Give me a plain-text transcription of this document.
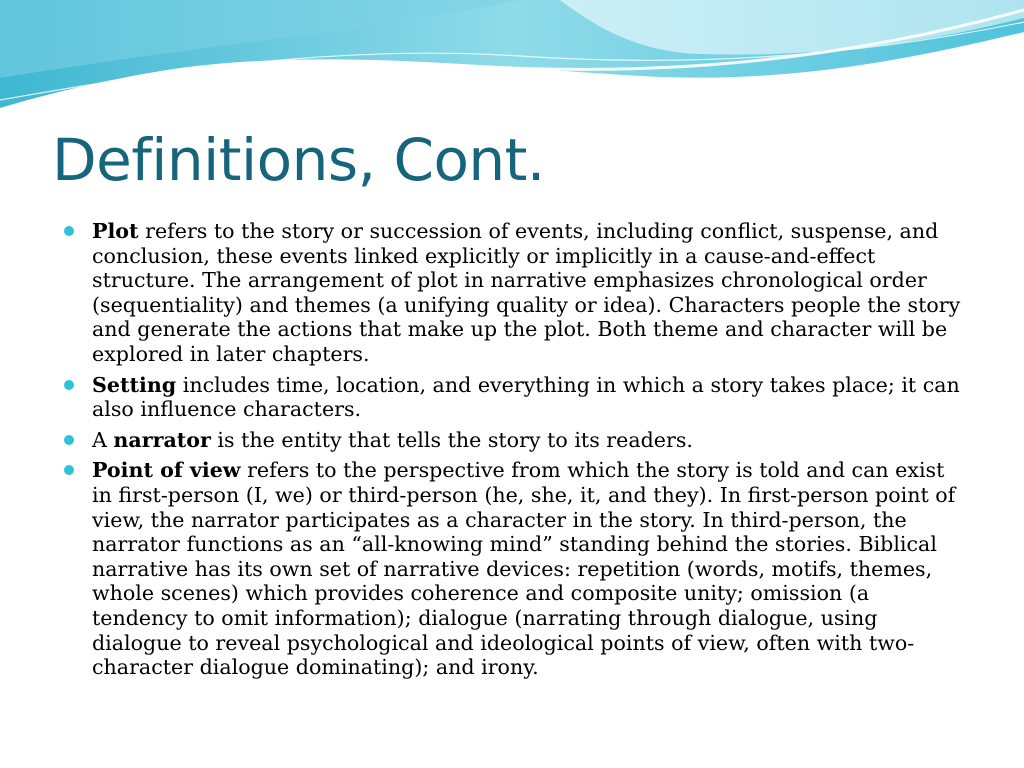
Definitions, Cont.
Plot refers to the story or succession of events, including conflict, suspense, and conclusion, these events linked explicitly or implicitly in a cause-and-effect structure. The arrangement of plot in narrative emphasizes chronological order (sequentiality) and themes (a unifying quality or idea). Characters people the story and generate the actions that make up the plot. Both theme and character will be explored in later chapters.
Setting includes time, location, and everything in which a story takes place; it can also influence characters.
A narrator is the entity that tells the story to its readers.
Point of view refers to the perspective from which the story is told and can exist in first-person (I, we) or third-person (he, she, it, and they). In first-person point of view, the narrator participates as a character in the story. In third-person, the narrator functions as an “all-knowing mind” standing behind the stories. Biblical narrative has its own set of narrative devices: repetition (words, motifs, themes, whole scenes) which provides coherence and composite unity; omission (a tendency to omit information); dialogue (narrating through dialogue, using dialogue to reveal psychological and ideological points of view, often with two-character dialogue dominating); and irony.
